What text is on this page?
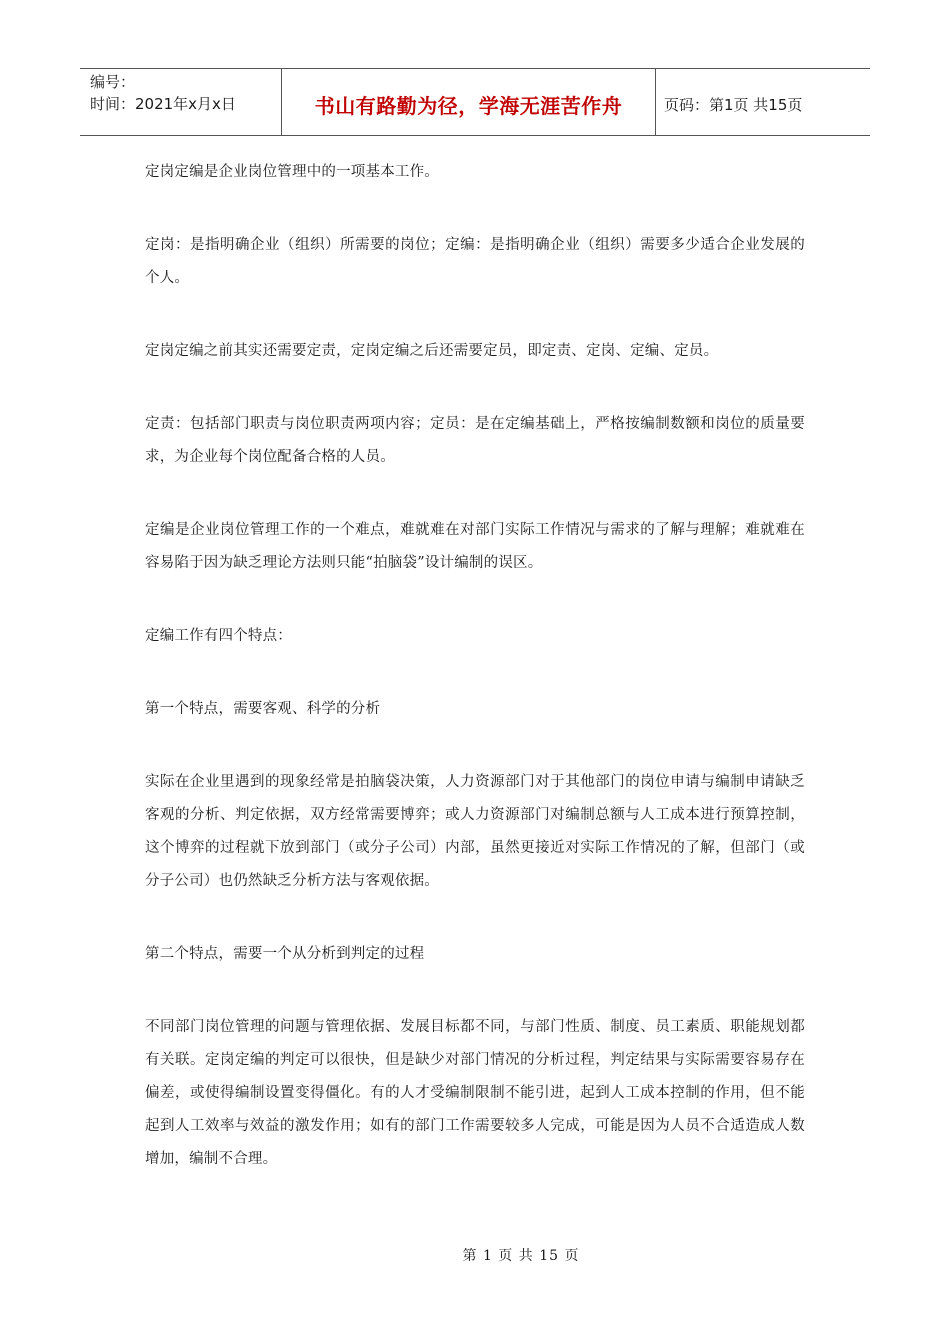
编号：
时间：2021年x月x日	书山有路勤为径，学海无涯苦作舟	页码：第1页 共15页

定岗定编是企业岗位管理中的一项基本工作。

定岗：是指明确企业（组织）所需要的岗位；定编：是指明确企业（组织）需要多少适合企业发展的个人。

定岗定编之前其实还需要定责，定岗定编之后还需要定员，即定责、定岗、定编、定员。

定责：包括部门职责与岗位职责两项内容；定员：是在定编基础上，严格按编制数额和岗位的质量要求，为企业每个岗位配备合格的人员。

定编是企业岗位管理工作的一个难点，难就难在对部门实际工作情况与需求的了解与理解；难就难在容易陷于因为缺乏理论方法则只能“拍脑袋”设计编制的误区。

定编工作有四个特点：

第一个特点，需要客观、科学的分析

实际在企业里遇到的现象经常是拍脑袋决策，人力资源部门对于其他部门的岗位申请与编制申请缺乏客观的分析、判定依据，双方经常需要博弈；或人力资源部门对编制总额与人工成本进行预算控制，这个博弈的过程就下放到部门（或分子公司）内部，虽然更接近对实际工作情况的了解，但部门（或分子公司）也仍然缺乏分析方法与客观依据。

第二个特点，需要一个从分析到判定的过程

不同部门岗位管理的问题与管理依据、发展目标都不同，与部门性质、制度、员工素质、职能规划都有关联。定岗定编的判定可以很快，但是缺少对部门情况的分析过程，判定结果与实际需要容易存在偏差，或使得编制设置变得僵化。有的人才受编制限制不能引进，起到人工成本控制的作用，但不能起到人工效率与效益的激发作用；如有的部门工作需要较多人完成，可能是因为人员不合适造成人数增加，编制不合理。

第 1 页 共 15 页
